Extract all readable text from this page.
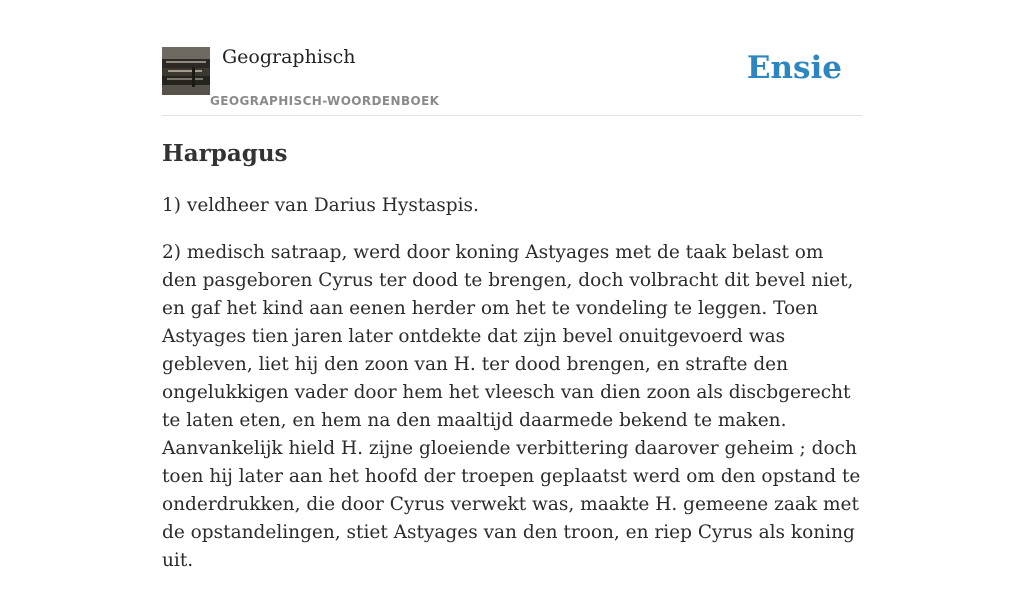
Geographisch
GEOGRAPHISCH-WOORDENBOEK
Ensie
Harpagus

1) veldheer van Darius Hystaspis.

2) medisch satraap, werd door koning Astyages met de taak belast om den pasgeboren Cyrus ter dood te brengen, doch volbracht dit bevel niet, en gaf het kind aan eenen herder om het te vondeling te leggen. Toen Astyages tien jaren later ontdekte dat zijn bevel onuitgevoerd was gebleven, liet hij den zoon van H. ter dood brengen, en strafte den ongelukkigen vader door hem het vleesch van dien zoon als discbgerecht te laten eten, en hem na den maaltijd daarmede bekend te maken. Aanvankelijk hield H. zijne gloeiende verbittering daarover geheim ; doch toen hij later aan het hoofd der troepen geplaatst werd om den opstand te onderdrukken, die door Cyrus verwekt was, maakte H. gemeene zaak met de opstandelingen, stiet Astyages van den troon, en riep Cyrus als koning uit.
